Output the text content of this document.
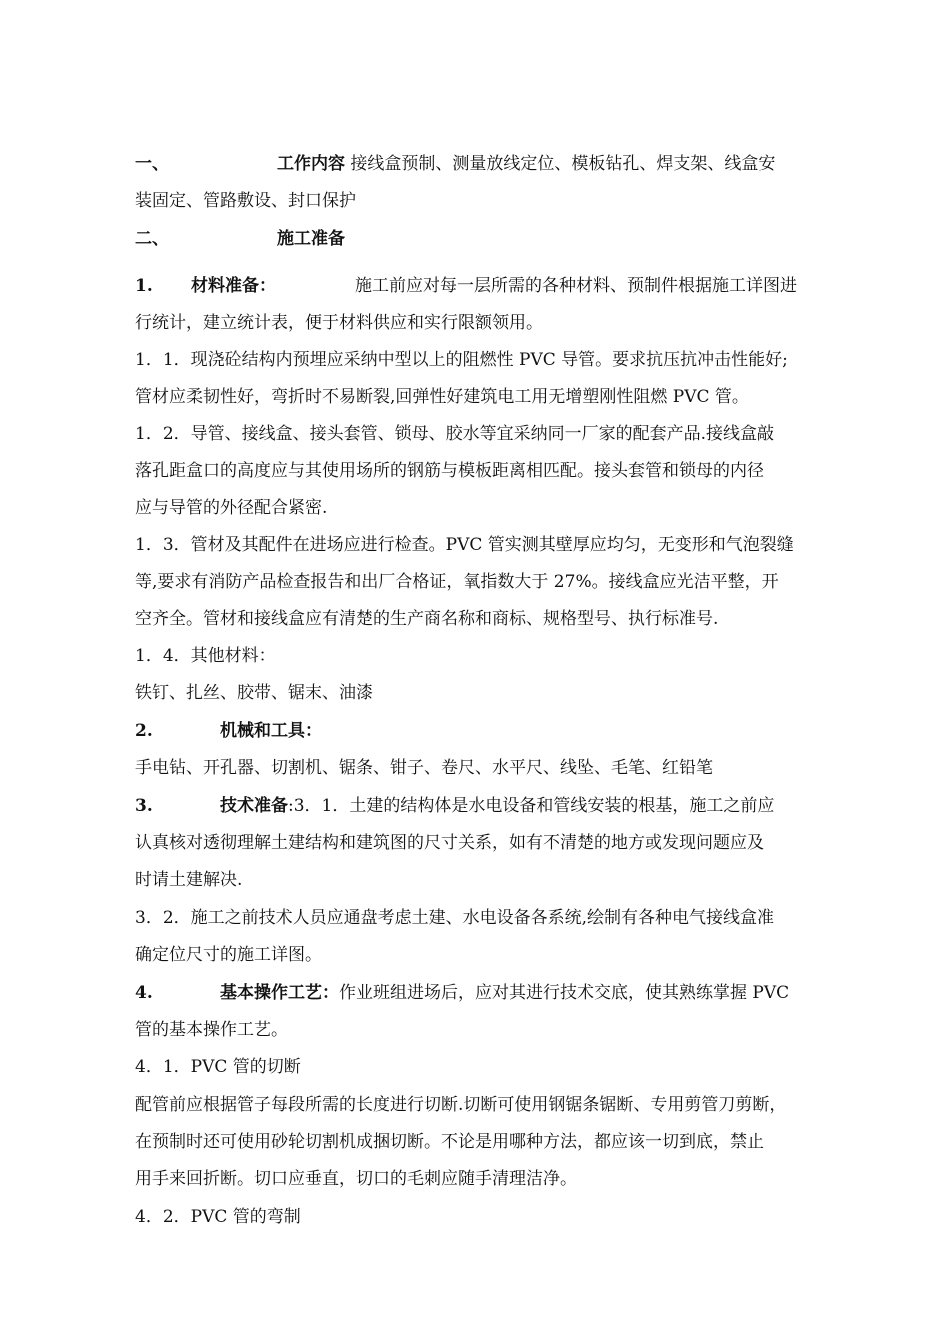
一、	工作内容 接线盒预制、测量放线定位、模板钻孔、焊支架、线盒安
装固定、管路敷设、封口保护
二、	施工准备
1. 材料准备：	施工前应对每一层所需的各种材料、预制件根据施工详图进
行统计，建立统计表，便于材料供应和实行限额领用。
1．1．现浇砼结构内预埋应采纳中型以上的阻燃性 PVC 导管。要求抗压抗冲击性能好;
管材应柔韧性好，弯折时不易断裂,回弹性好建筑电工用无增塑刚性阻燃 PVC 管。
1．2．导管、接线盒、接头套管、锁母、胶水等宜采纳同一厂家的配套产品.接线盒敲
落孔距盒口的高度应与其使用场所的钢筋与模板距离相匹配。接头套管和锁母的内径
应与导管的外径配合紧密.
1．3．管材及其配件在进场应进行检查。PVC 管实测其壁厚应均匀，无变形和气泡裂缝
等,要求有消防产品检查报告和出厂合格证，氧指数大于 27%。接线盒应光洁平整，开
空齐全。管材和接线盒应有清楚的生产商名称和商标、规格型号、执行标准号.
1．4．其他材料：
铁钉、扎丝、胶带、锯末、油漆
2.	机械和工具：
手电钻、开孔器、切割机、锯条、钳子、卷尺、水平尺、线坠、毛笔、红铅笔
3.	技术准备:3．1．土建的结构体是水电设备和管线安装的根基，施工之前应
认真核对透彻理解土建结构和建筑图的尺寸关系，如有不清楚的地方或发现问题应及
时请土建解决.
3．2．施工之前技术人员应通盘考虑土建、水电设备各系统,绘制有各种电气接线盒准
确定位尺寸的施工详图。
4.	基本操作工艺：作业班组进场后，应对其进行技术交底，使其熟练掌握 PVC
管的基本操作工艺。
4．1．PVC 管的切断
配管前应根据管子每段所需的长度进行切断.切断可使用钢锯条锯断、专用剪管刀剪断，
在预制时还可使用砂轮切割机成捆切断。不论是用哪种方法，都应该一切到底，禁止
用手来回折断。切口应垂直，切口的毛刺应随手清理洁净。
4．2．PVC 管的弯制
